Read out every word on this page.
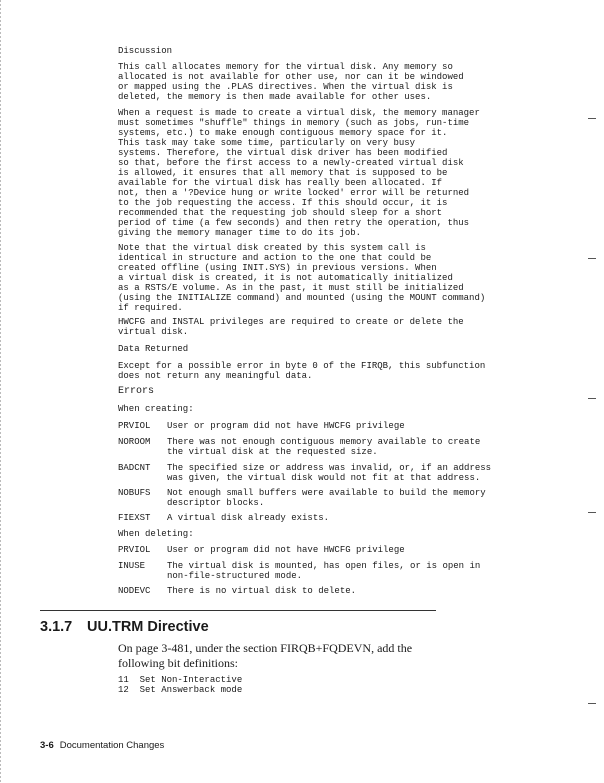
Discussion
This call allocates memory for the virtual disk. Any memory so
allocated is not available for other use, nor can it be windowed
or mapped using the .PLAS directives. When the virtual disk is
deleted, the memory is then made available for other uses.
When a request is made to create a virtual disk, the memory manager
must sometimes "shuffle" things in memory (such as jobs, run-time
systems, etc.) to make enough contiguous memory space for it.
This task may take some time, particularly on very busy
systems. Therefore, the virtual disk driver has been modified
so that, before the first access to a newly-created virtual disk
is allowed, it ensures that all memory that is supposed to be
available for the virtual disk has really been allocated. If
not, then a '?Device hung or write locked' error will be returned
to the job requesting the access. If this should occur, it is
recommended that the requesting job should sleep for a short
period of time (a few seconds) and then retry the operation, thus
giving the memory manager time to do its job.
Note that the virtual disk created by this system call is
identical in structure and action to the one that could be
created offline (using INIT.SYS) in previous versions. When
a virtual disk is created, it is not automatically initialized
as a RSTS/E volume. As in the past, it must still be initialized
(using the INITIALIZE command) and mounted (using the MOUNT command)
if required.
HWCFG and INSTAL privileges are required to create or delete the
virtual disk.
Data Returned
Except for a possible error in byte 0 of the FIRQB, this subfunction
does not return any meaningful data.
Errors
When creating:
PRVIOL	User or program did not have HWCFG privilege
NOROOM	There was not enough contiguous memory available to create
the virtual disk at the requested size.
BADCNT	The specified size or address was invalid, or, if an address
was given, the virtual disk would not fit at that address.
NOBUFS	Not enough small buffers were available to build the memory
descriptor blocks.
FIEXST	A virtual disk already exists.
When deleting:
PRVIOL	User or program did not have HWCFG privilege
INUSE	The virtual disk is mounted, has open files, or is open in
non-file-structured mode.
NODEVC	There is no virtual disk to delete.
3.1.7 UU.TRM Directive
On page 3-481, under the section FIRQB+FQDEVN, add the following bit definitions:
11  Set Non-Interactive
12  Set Answerback mode
3-6 Documentation Changes
